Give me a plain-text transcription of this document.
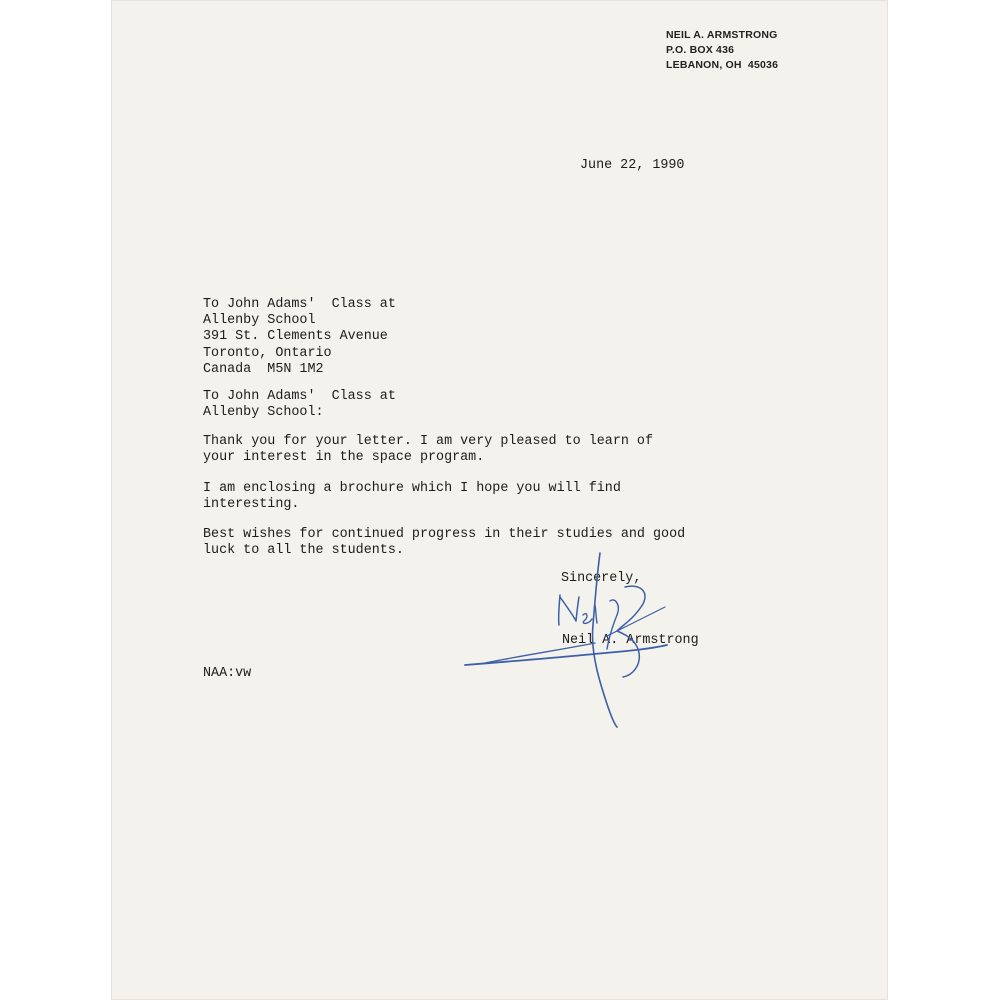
NEIL A. ARMSTRONG
P.O. BOX 436
LEBANON, OH  45036
June 22, 1990
To John Adams'  Class at
Allenby School
391 St. Clements Avenue
Toronto, Ontario
Canada  M5N 1M2
To John Adams'  Class at
Allenby School:
Thank you for your letter. I am very pleased to learn of
your interest in the space program.
I am enclosing a brochure which I hope you will find
interesting.
Best wishes for continued progress in their studies and good
luck to all the students.
Sincerely,
Neil A. Armstrong
NAA:vw
